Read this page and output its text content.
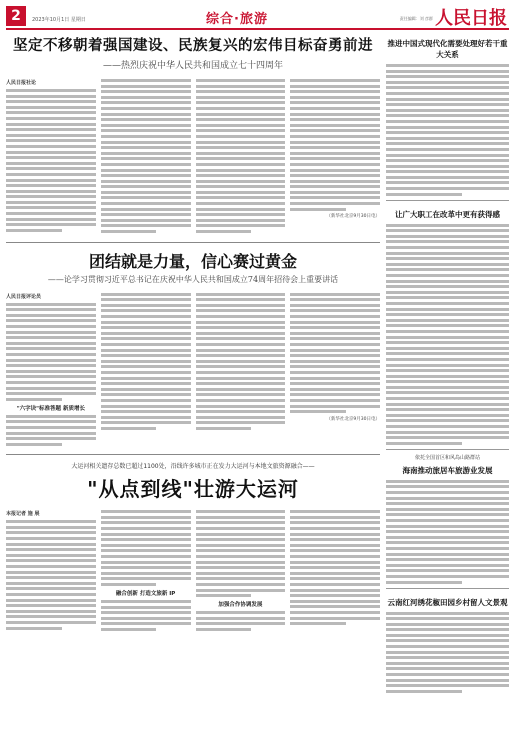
2	2023年10月1日 星期日	综合·旅游	责任编辑：刘 彦群 人民日报
坚定不移朝着强国建设、民族复兴的宏伟目标奋勇前进
——热烈庆祝中华人民共和国成立七十四周年
人民日报社论
（新华社北京9月30日电）
团结就是力量，信心赛过黄金
——论学习贯彻习近平总书记在庆祝中华人民共和国成立74周年招待会上重要讲话
人民日报评论员
"六字诀"标准答题 新质增长
（新华社北京9月30日电）
大运河相关遗存总数已超过1100处，沿线许多城市正在发力大运河与本地文旅资源融合——
"从点到线"壮游大运河
本报记者 施 展
融合创新 打造文旅新 IP
加强合作协调发展
推进中国式现代化需要处理好若干重大关系
让广大职工在改革中更有获得感
依托全国首区和风岛山路群站
海南推动旅居车旅游业发展
云南红河绣花椒田园乡村留人文景观
